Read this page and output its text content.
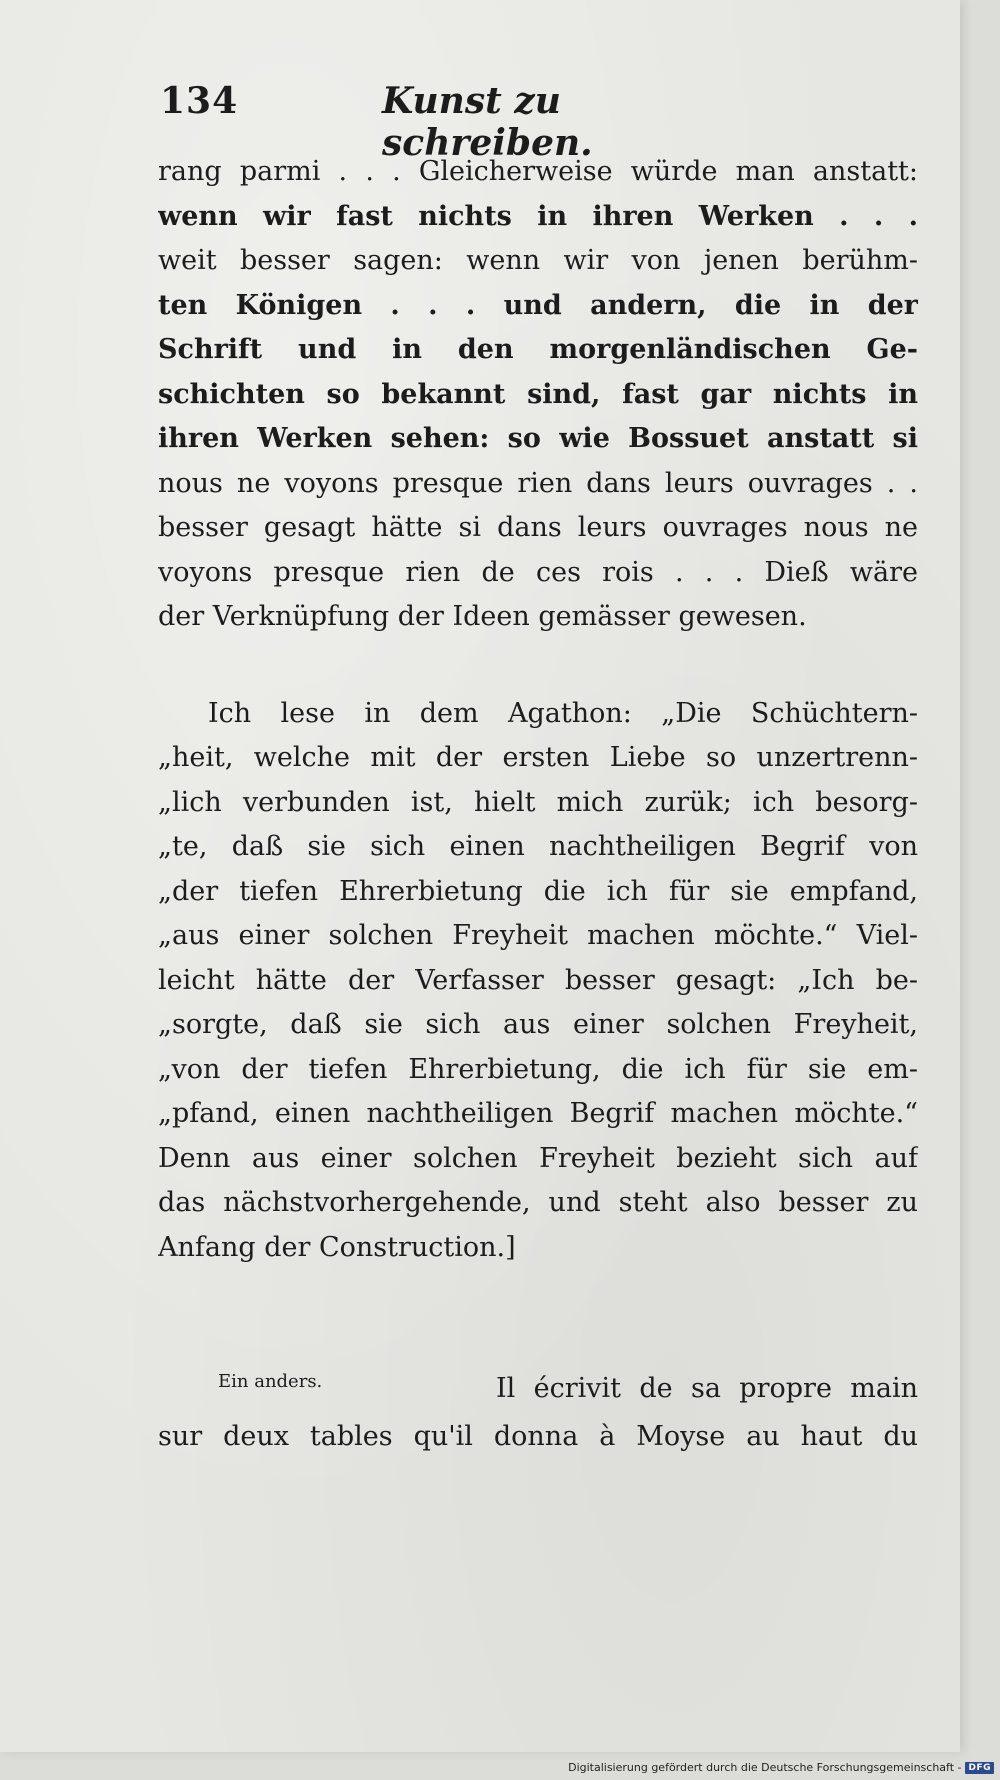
134	Kunst zu schreiben.
rang parmi . . . Gleicherweise würde man anstatt:
wenn wir fast nichts in ihren Werken . . .
weit besser sagen: wenn wir von jenen berühm-
ten Königen . . . und andern, die in der
Schrift und in den morgenländischen Ge-
schichten so bekannt sind, fast gar nichts in
ihren Werken sehen: so wie Bossuet anstatt si
nous ne voyons presque rien dans leurs ouvrages . .
besser gesagt hätte si dans leurs ouvrages nous ne
voyons presque rien de ces rois . . . Dieß wäre
der Verknüpfung der Ideen gemässer gewesen.
Ich lese in dem Agathon: „Die Schüchtern-
„heit, welche mit der ersten Liebe so unzertrenn-
„lich verbunden ist, hielt mich zurük; ich besorg-
„te, daß sie sich einen nachtheiligen Begrif von
„der tiefen Ehrerbietung die ich für sie empfand,
„aus einer solchen Freyheit machen möchte.“ Viel-
leicht hätte der Verfasser besser gesagt: „Ich be-
„sorgte, daß sie sich aus einer solchen Freyheit,
„von der tiefen Ehrerbietung, die ich für sie em-
„pfand, einen nachtheiligen Begrif machen möchte.“
Denn aus einer solchen Freyheit bezieht sich auf
das nächstvorhergehende, und steht also besser zu
Anfang der Construction.]
Ein anders.	Il écrivit de sa propre main
sur deux tables qu'il donna à Moyse au haut du
Digitalisierung gefördert durch die Deutsche Forschungsgemeinschaft - DFG
